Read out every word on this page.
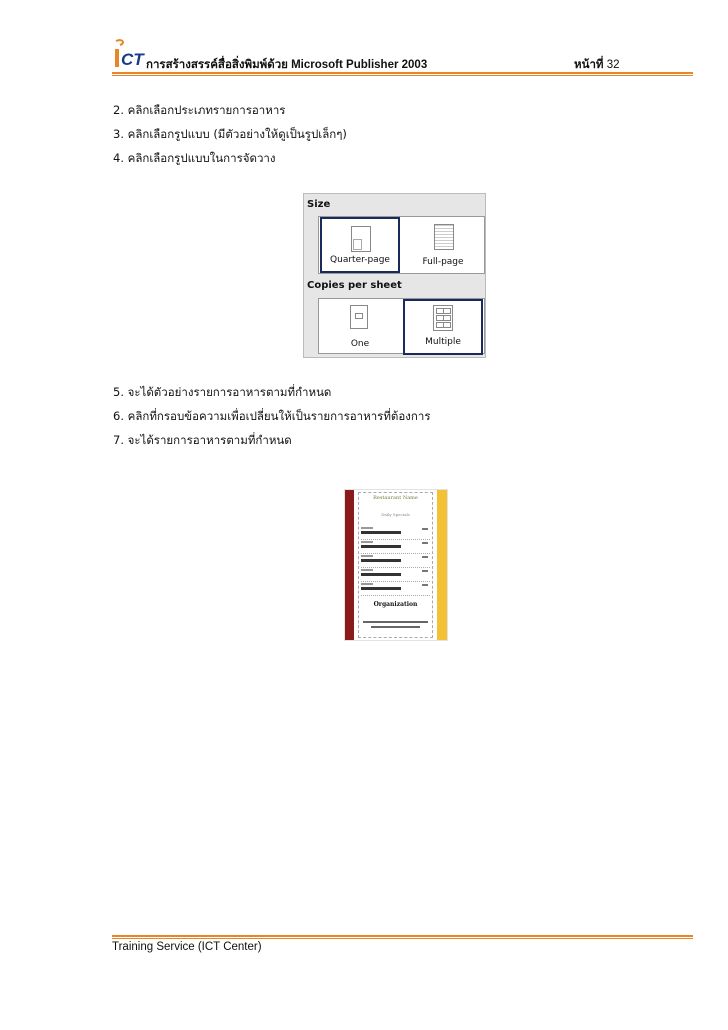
CT การสร้างสรรค์สื่อสิ่งพิมพ์ด้วย Microsoft Publisher 2003	หน้าที่ 32
2. คลิกเลือกประเภทรายการอาหาร
3. คลิกเลือกรูปแบบ (มีตัวอย่างให้ดูเป็นรูปเล็กๆ)
4. คลิกเลือกรูปแบบในการจัดวาง
Size
Copies per sheet
Quarter-page	Full-page
One	Multiple
5. จะได้ตัวอย่างรายการอาหารตามที่กำหนด
6. คลิกที่กรอบข้อความเพื่อเปลี่ยนให้เป็นรายการอาหารที่ต้องการ
7. จะได้รายการอาหารตามที่กำหนด
Restaurant Name
Daily Specials
Organization
Training Service (ICT Center)
